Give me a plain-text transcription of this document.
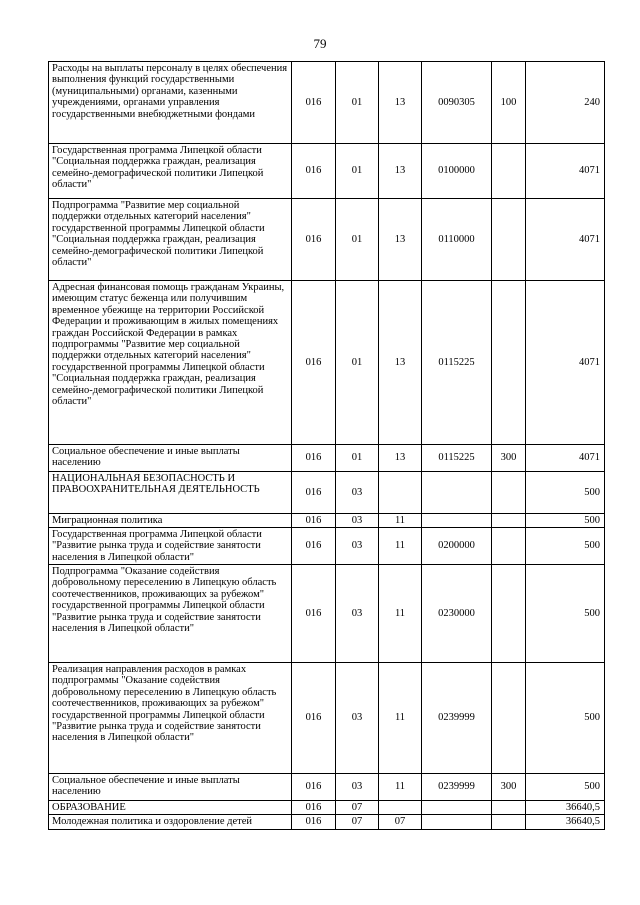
79
Расходы на выплаты персоналу в целях обеспечения выполнения функций государственными (муниципальными) органами, казенными учреждениями, органами управления государственными внебюджетными фондами	016	01	13	0090305	100	240
Государственная программа Липецкой области "Социальная поддержка граждан, реализация семейно-демографической политики Липецкой области"	016	01	13	0100000		4071
Подпрограмма "Развитие мер социальной поддержки отдельных категорий населения" государственной программы Липецкой области "Социальная поддержка граждан, реализация семейно-демографической политики Липецкой области"	016	01	13	0110000		4071
Адресная финансовая помощь гражданам Украины, имеющим статус беженца или получившим временное убежище на территории Российской Федерации и проживающим в жилых помещениях граждан Российской Федерации в рамках подпрограммы "Развитие мер социальной поддержки отдельных категорий населения" государственной программы Липецкой области "Социальная поддержка граждан, реализация семейно-демографической политики Липецкой области"	016	01	13	0115225		4071
Социальное обеспечение и иные выплаты населению	016	01	13	0115225	300	4071
НАЦИОНАЛЬНАЯ БЕЗОПАСНОСТЬ И ПРАВООХРАНИТЕЛЬНАЯ ДЕЯТЕЛЬНОСТЬ	016	03				500
Миграционная политика	016	03	11			500
Государственная программа Липецкой области "Развитие рынка труда и содействие занятости населения в Липецкой области"	016	03	11	0200000		500
Подпрограмма "Оказание содействия добровольному переселению в Липецкую область соотечественников, проживающих за рубежом" государственной программы Липецкой области "Развитие рынка труда и содействие занятости населения в Липецкой области"	016	03	11	0230000		500
Реализация направления расходов в рамках подпрограммы "Оказание содействия добровольному переселению в Липецкую область соотечественников, проживающих за рубежом" государственной программы Липецкой области "Развитие рынка труда и содействие занятости населения в Липецкой области"	016	03	11	0239999		500
Социальное обеспечение и иные выплаты населению	016	03	11	0239999	300	500
ОБРАЗОВАНИЕ	016	07				36640,5
Молодежная политика и оздоровление детей	016	07	07			36640,5
